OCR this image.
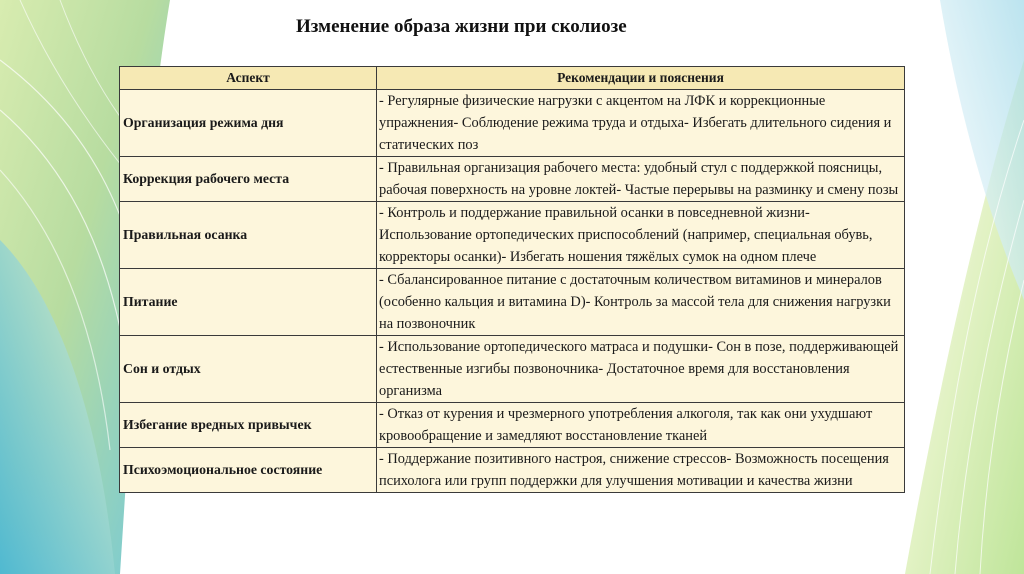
Изменение образа жизни при сколиозе
Аспект	Рекомендации и пояснения
Организация режима дня	- Регулярные физические нагрузки с акцентом на ЛФК и коррекционные упражнения- Соблюдение режима труда и отдыха- Избегать длительного сидения и статических поз
Коррекция рабочего места	- Правильная организация рабочего места: удобный стул с поддержкой поясницы, рабочая поверхность на уровне локтей- Частые перерывы на разминку и смену позы
Правильная осанка	- Контроль и поддержание правильной осанки в повседневной жизни- Использование ортопедических приспособлений (например, специальная обувь, корректоры осанки)- Избегать ношения тяжёлых сумок на одном плече
Питание	- Сбалансированное питание с достаточным количеством витаминов и минералов (особенно кальция и витамина D)- Контроль за массой тела для снижения нагрузки на позвоночник
Сон и отдых	- Использование ортопедического матраса и подушки- Сон в позе, поддерживающей естественные изгибы позвоночника- Достаточное время для восстановления организма
Избегание вредных привычек	- Отказ от курения и чрезмерного употребления алкоголя, так как они ухудшают кровообращение и замедляют восстановление тканей
Психоэмоциональное состояние	- Поддержание позитивного настроя, снижение стрессов- Возможность посещения психолога или групп поддержки для улучшения мотивации и качества жизни
